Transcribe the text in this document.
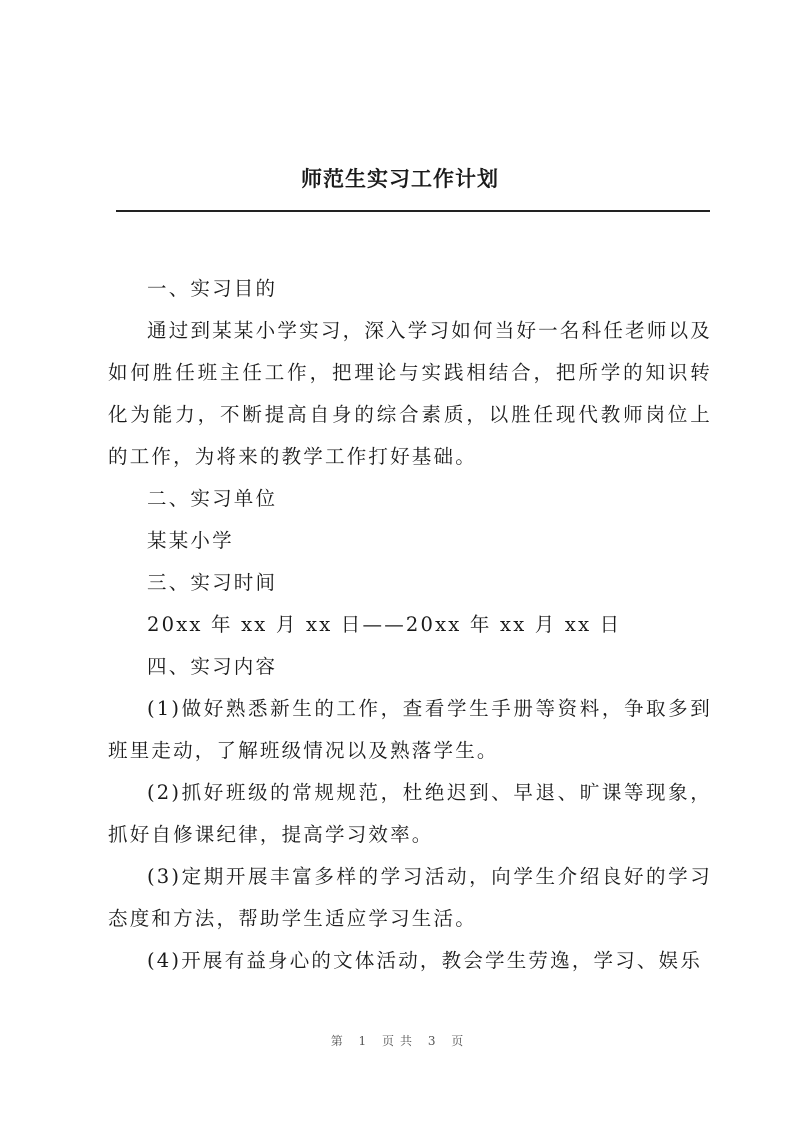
师范生实习工作计划

一、实习目的

通过到某某小学实习，深入学习如何当好一名科任老师以及如何胜任班主任工作，把理论与实践相结合，把所学的知识转化为能力，不断提高自身的综合素质，以胜任现代教师岗位上的工作，为将来的教学工作打好基础。

二、实习单位

某某小学

三、实习时间

20xx 年 xx 月 xx 日——20xx 年 xx 月 xx 日

四、实习内容

(1)做好熟悉新生的工作，查看学生手册等资料，争取多到班里走动，了解班级情况以及熟落学生。

(2)抓好班级的常规规范，杜绝迟到、早退、旷课等现象，抓好自修课纪律，提高学习效率。

(3)定期开展丰富多样的学习活动，向学生介绍良好的学习态度和方法，帮助学生适应学习生活。

(4)开展有益身心的文体活动，教会学生劳逸，学习、娱乐

第 1 页共 3 页
